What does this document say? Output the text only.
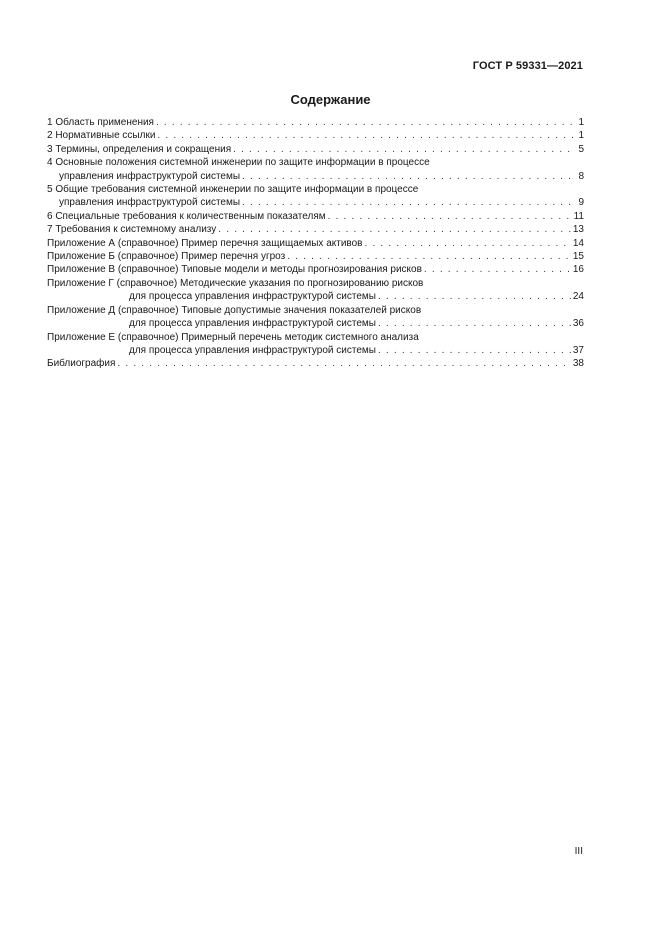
ГОСТ Р 59331—2021
Содержание
1 Область применения . . .	1
2 Нормативные ссылки . . .	1
3 Термины, определения и сокращения . . .	5
4 Основные положения системной инженерии по защите информации в процессе
управления инфраструктурой системы . . .	8
5 Общие требования системной инженерии по защите информации в процессе
управления инфраструктурой системы . . .	9
6 Специальные требования к количественным показателям . . .	11
7 Требования к системному анализу . . .	13
Приложение А (справочное) Пример перечня защищаемых активов . . .	14
Приложение Б (справочное) Пример перечня угроз . . .	15
Приложение В (справочное) Типовые модели и методы прогнозирования рисков . . .	16
Приложение Г (справочное) Методические указания по прогнозированию рисков
для процесса управления инфраструктурой системы . . .	24
Приложение Д (справочное) Типовые допустимые значения показателей рисков
для процесса управления инфраструктурой системы . . .	36
Приложение Е (справочное) Примерный перечень методик системного анализа
для процесса управления инфраструктурой системы . . .	37
Библиография . . .	38
III
